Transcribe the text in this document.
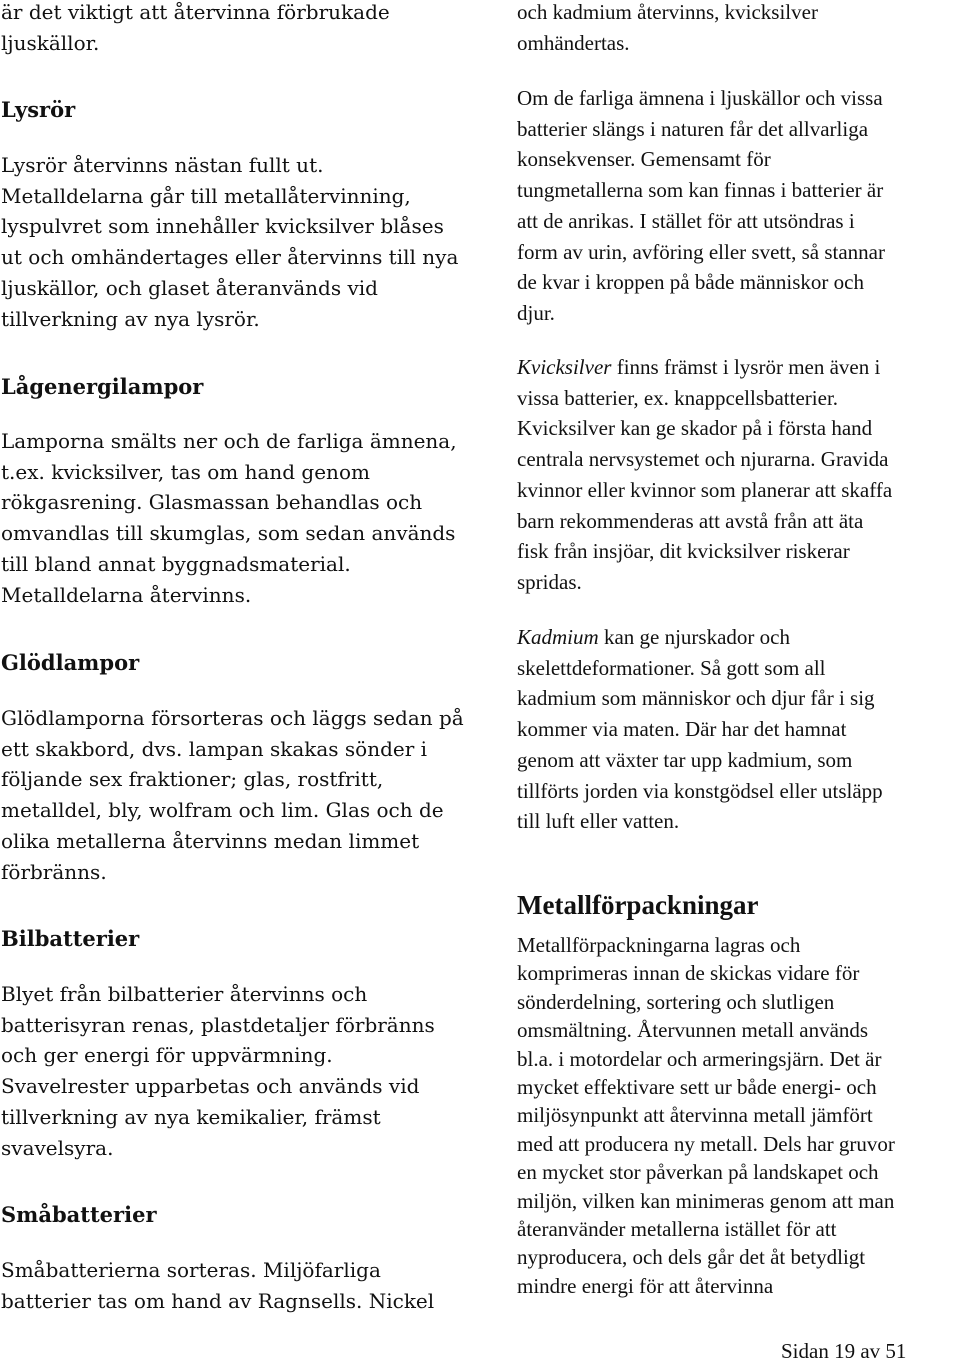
är det viktigt att återvinna förbrukade
ljuskällor.
Lysrör
Lysrör återvinns nästan fullt ut.
Metalldelarna går till metallåtervinning,
lyspulvret som innehåller kvicksilver blåses
ut och omhändertages eller återvinns till nya
ljuskällor, och glaset återanvänds vid
tillverkning av nya lysrör.
Lågenergilampor
Lamporna smälts ner och de farliga ämnena,
t.ex. kvicksilver, tas om hand genom
rökgasrening. Glasmassan behandlas och
omvandlas till skumglas, som sedan används
till bland annat byggnadsmaterial.
Metalldelarna återvinns.
Glödlampor
Glödlamporna försorteras och läggs sedan på
ett skakbord, dvs. lampan skakas sönder i
följande sex fraktioner; glas, rostfritt,
metalldel, bly, wolfram och lim. Glas och de
olika metallerna återvinns medan limmet
förbränns.
Bilbatterier
Blyet från bilbatterier återvinns och
batterisyran renas, plastdetaljer förbränns
och ger energi för uppvärmning.
Svavelrester upparbetas och används vid
tillverkning av nya kemikalier, främst
svavelsyra.
Småbatterier
Småbatterierna sorteras. Miljöfarliga
batterier tas om hand av Ragnsells. Nickel
och kadmium återvinns, kvicksilver
omhändertas.
Om de farliga ämnena i ljuskällor och vissa
batterier slängs i naturen får det allvarliga
konsekvenser. Gemensamt för
tungmetallerna som kan finnas i batterier är
att de anrikas. I stället för att utsöndras i
form av urin, avföring eller svett, så stannar
de kvar i kroppen på både människor och
djur.
Kvicksilver finns främst i lysrör men även i
vissa batterier, ex. knappcellsbatterier.
Kvicksilver kan ge skador på i första hand
centrala nervsystemet och njurarna. Gravida
kvinnor eller kvinnor som planerar att skaffa
barn rekommenderas att avstå från att äta
fisk från insjöar, dit kvicksilver riskerar
spridas.
Kadmium kan ge njurskador och
skelettdeformationer. Så gott som all
kadmium som människor och djur får i sig
kommer via maten. Där har det hamnat
genom att växter tar upp kadmium, som
tillförts jorden via konstgödsel eller utsläpp
till luft eller vatten.
Metallförpackningar
Metallförpackningarna lagras och
komprimeras innan de skickas vidare för
sönderdelning, sortering och slutligen
omsmältning. Återvunnen metall används
bl.a. i motordelar och armeringsjärn. Det är
mycket effektivare sett ur både energi- och
miljösynpunkt att återvinna metall jämfört
med att producera ny metall. Dels har gruvor
en mycket stor påverkan på landskapet och
miljön, vilken kan minimeras genom att man
återanvänder metallerna istället för att
nyproducera, och dels går det åt betydligt
mindre energi för att återvinna
Sidan 19 av 51
